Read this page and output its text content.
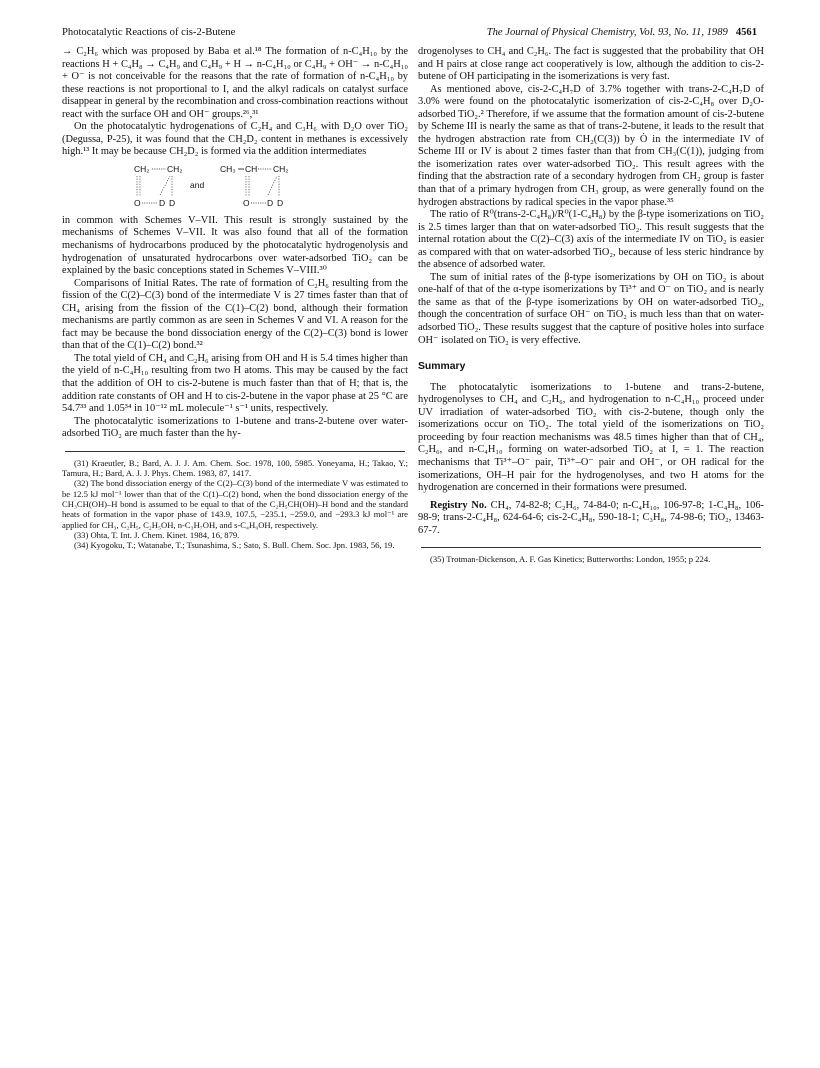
Photocatalytic Reactions of cis-2-Butene	The Journal of Physical Chemistry, Vol. 93, No. 11, 1989 4561

→ C₂H₆ which was proposed by Baba et al.¹⁸ The formation of n-C₄H₁₀ by the reactions H + C₄H₈ → C₄H₉ and C₄H₉ + H → n-C₄H₁₀ or C₄H₉ + OH⁻ → n-C₄H₁₀ + O⁻ is not conceivable for the reasons that the rate of formation of n-C₄H₁₀ by these reactions is not proportional to I, and the alkyl radicals on catalyst surface disappear in general by the recombination and cross-combination reactions without react with the surface OH and OH⁻ groups.²⁶,³¹

On the photocatalytic hydrogenations of C₂H₄ and C₃H₆ with D₂O over TiO₂ (Degussa, P-25), it was found that the CH₂D₂ content in methanes is excessively high.¹³ It may be because CH₂D₂ is formed via the addition intermediates

CH₂ CH₂
O D D
and
CH₃ CH CH₂
O D D

in common with Schemes V–VII. This result is strongly sustained by the mechanisms of Schemes V–VII. It was also found that all of the formation mechanisms of hydrocarbons produced by the photocatalytic hydrogenolysis and hydrogenation of unsaturated hydrocarbons over water-adsorbed TiO₂ can be explained by the basic conceptions stated in Schemes V–VIII.³⁰

Comparisons of Initial Rates. The rate of formation of C₂H₆ resulting from the fission of the C(2)–C(3) bond of the intermediate V is 27 times faster than that of CH₄ arising from the fission of the C(1)–C(2) bond, although their formation mechanisms are partly common as are seen in Schemes V and VI. A reason for the fact may be because the bond dissociation energy of the C(2)–C(3) bond is lower than that of the C(1)–C(2) bond.³²

The total yield of CH₄ and C₂H₆ arising from OH and H is 5.4 times higher than the yield of n-C₄H₁₀ resulting from two H atoms. This may be caused by the fact that the addition of OH to cis-2-butene is much faster than that of H; that is, the addition rate constants of OH and H to cis-2-butene in the vapor phase at 25 °C are 54.7³³ and 1.05³⁴ in 10⁻¹² mL molecule⁻¹ s⁻¹ units, respectively.

The photocatalytic isomerizations to 1-butene and trans-2-butene over water-adsorbed TiO₂ are much faster than the hy-

(31) Kraeutler, B.; Bard, A. J. J. Am. Chem. Soc. 1978, 100, 5985. Yoneyama, H.; Takao, Y.; Tamura, H.; Bard, A. J. J. Phys. Chem. 1983, 87, 1417.

(32) The bond dissociation energy of the C(2)–C(3) bond of the intermediate V was estimated to be 12.5 kJ mol⁻¹ lower than that of the C(1)–C(2) bond, when the bond dissociation energy of the CH₃CH(OH)–H bond is assumed to be equal to that of the C₂H₅CH(OH)–H bond and the standard heats of formation in the vapor phase of 143.9, 107.5, −235.1, −259.0, and −293.3 kJ mol⁻¹ are applied for CH₃, C₂H₅, C₂H₅OH, n-C₃H₇OH, and s-C₄H₉OH, respectively.

(33) Ohta, T. Int. J. Chem. Kinet. 1984, 16, 879.

(34) Kyogoku, T.; Watanabe, T.; Tsunashima, S.; Sato, S. Bull. Chem. Soc. Jpn. 1983, 56, 19.

drogenolyses to CH₄ and C₂H₆. The fact is suggested that the probability that OH and H pairs at close range act cooperatively is low, although the addition to cis-2-butene of OH participating in the isomerizations is very fast.

As mentioned above, cis-2-C₄H₇D of 3.7% together with trans-2-C₄H₇D of 3.0% were found on the photocatalytic isomerization of cis-2-C₄H₈ over D₂O-adsorbed TiO₂.² Therefore, if we assume that the formation amount of cis-2-butene by Scheme III is nearly the same as that of trans-2-butene, it leads to the result that the hydrogen abstraction rate from CH₂(C(3)) by Ȯ in the intermediate IV of Scheme III or IV is about 2 times faster than that from CH₃(C(1)), judging from the isomerization rates over water-adsorbed TiO₂. This result agrees with the finding that the abstraction rate of a secondary hydrogen from CH₂ group is faster than that of a primary hydrogen from CH₃ group, as were generally found on the hydrogen abstractions by radical species in the vapor phase.³⁵

The ratio of R⁰(trans-2-C₄H₈)/R⁰(1-C₄H₈) by the β-type isomerizations on TiO₂ is 2.5 times larger than that on water-adsorbed TiO₂. This result suggests that the internal rotation about the C(2)–C(3) axis of the intermediate IV on TiO₂ is easier as compared with that on water-adsorbed TiO₂, because of less steric hindrance by the absence of adsorbed water.

The sum of initial rates of the β-type isomerizations by OH on TiO₂ is about one-half of that of the α-type isomerizations by Ti³⁺ and O⁻ on TiO₂ and is nearly the same as that of the β-type isomerizations by OH on water-adsorbed TiO₂, though the concentration of surface OH⁻ on TiO₂ is much less than that on water-adsorbed TiO₂. These results suggest that the capture of positive holes into surface OH⁻ isolated on TiO₂ is very effective.

Summary

The photocatalytic isomerizations to 1-butene and trans-2-butene, hydrogenolyses to CH₄ and C₂H₆, and hydrogenation to n-C₄H₁₀ proceed under UV irradiation of water-adsorbed TiO₂ with cis-2-butene, though only the isomerizations occur on TiO₂. The total yield of the isomerizations on TiO₂ proceeding by four reaction mechanisms was 48.5 times higher than that of CH₄, C₂H₆, and n-C₄H₁₀ forming on water-adsorbed TiO₂ at I, = 1. The reaction mechanisms that Ti³⁺–O⁻ pair, Ti³⁺–O⁻ pair and OH⁻, or OH radical for the isomerizations, OH–H pair for the hydrogenolyses, and two H atoms for the hydrogenation are concerned in their formations were presumed.

Registry No. CH₄, 74-82-8; C₂H₆, 74-84-0; n-C₄H₁₀, 106-97-8; 1-C₄H₈, 106-98-9; trans-2-C₄H₈, 624-64-6; cis-2-C₄H₈, 590-18-1; C₃H₈, 74-98-6; TiO₂, 13463-67-7.

(35) Trotman-Dickenson, A. F. Gas Kinetics; Butterworths: London, 1955; p 224.
